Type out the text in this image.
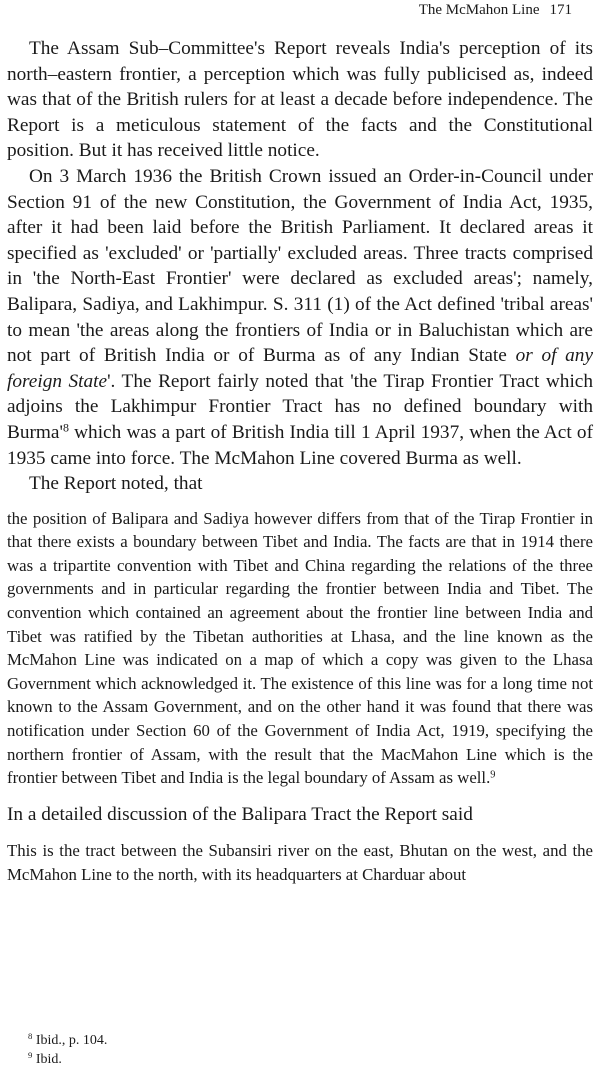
The McMahon Line 171

The Assam Sub–Committee's Report reveals India's perception of its north–eastern frontier, a perception which was fully publicised as, indeed was that of the British rulers for at least a decade before independence. The Report is a meticulous statement of the facts and the Constitutional position. But it has received little notice.

On 3 March 1936 the British Crown issued an Order-in-Council under Section 91 of the new Constitution, the Government of India Act, 1935, after it had been laid before the British Parliament. It declared areas it specified as 'excluded' or 'partially' excluded areas. Three tracts comprised in 'the North-East Frontier' were declared as excluded areas'; namely, Balipara, Sadiya, and Lakhimpur. S. 311 (1) of the Act defined 'tribal areas' to mean 'the areas along the frontiers of India or in Baluchistan which are not part of British India or of Burma as of any Indian State or of any foreign State'. The Report fairly noted that 'the Tirap Frontier Tract which adjoins the Lakhimpur Frontier Tract has no defined boundary with $Burma'^8$ which was a part of British India till 1 April 1937, when the Act of 1935 came into force. The McMahon Line covered Burma as well.

The Report noted, that

the position of Balipara and Sadiya however differs from that of the Tirap Frontier in that there exists a boundary between Tibet and India. The facts are that in 1914 there was a tripartite convention with Tibet and China regarding the relations of the three governments and in particular regarding the frontier between India and Tibet. The convention which contained an agreement about the frontier line between India and Tibet was ratified by the Tibetan authorities at Lhasa, and the line known as the McMahon Line was indicated on a map of which a copy was given to the Lhasa Government which acknowledged it. The existence of this line was for a long time not known to the Assam Government, and on the other hand it was found that there was notification under Section 60 of the Government of India Act, 1919, specifying the northern frontier of Assam, with the result that the MacMahon Line which is the frontier between Tibet and India is the legal boundary of Assam as well.$^9$

In a detailed discussion of the Balipara Tract the Report said

This is the tract between the Subansiri river on the east, Bhutan on the west, and the McMahon Line to the north, with its headquarters at Charduar about

$^8$ Ibid., p. 104.
$^9$ Ibid.
